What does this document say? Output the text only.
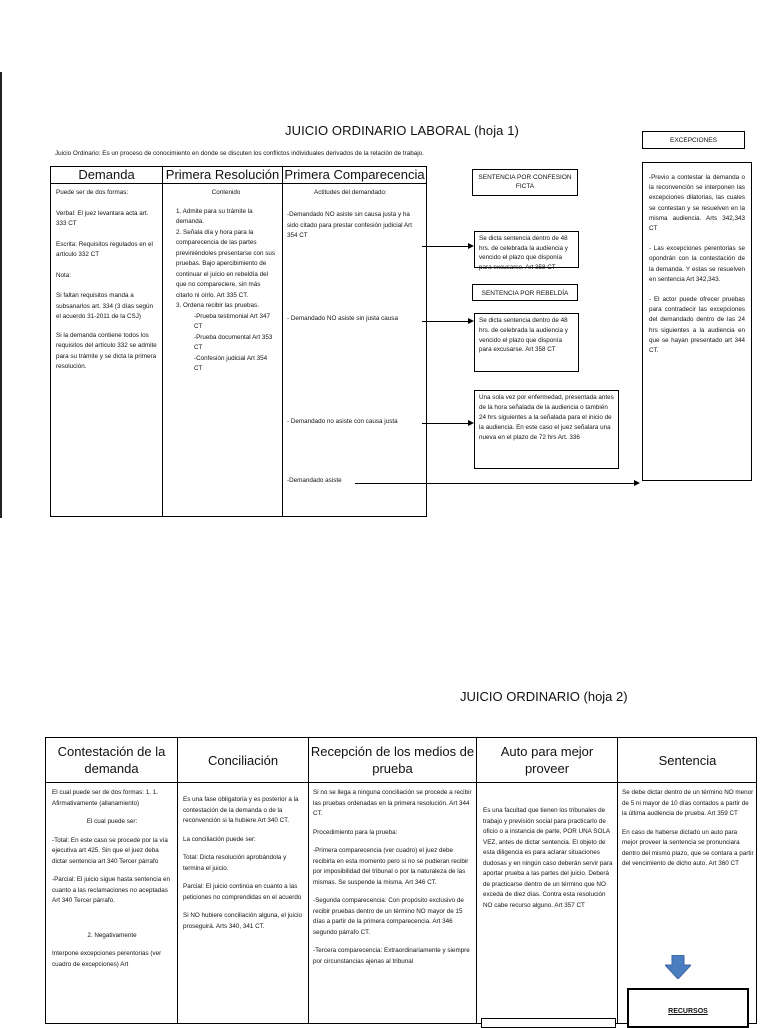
JUICIO ORDINARIO LABORAL (hoja 1)
Juicio Ordinario: Es un proceso de conocimiento en donde se discuten los conflictos individuales derivados de la relación de trabajo.
Demanda	Primera Resolución Primera Comparecencia
Puede ser de dos formas:
Verbal: El juez levantara acta art. 333 CT
Escrita: Requisitos regulados en el artículo 332 CT
Nota:
Si faltan requisitos manda a subsanarlos art. 334 (3 días según el acuerdo 31-2011 de la CSJ)
Si la demanda contiene todos los requisitos del artículo 332 se admite para su trámite y se dicta la primera resolución.
Contenido
1. Admite para su trámite la demanda.
2. Señala día y hora para la comparecencia de las partes previniéndoles presentarse con sus pruebas. Bajo apercibimiento de continuar el juicio en rebeldía del que no compareciere, sin más citarlo ni oírlo. Art 335 CT.
3. Ordena recibir las pruebas.
-Prueba testimonial Art 347 CT
-Prueba documental Art 353 CT
-Confesión judicial Art 354 CT
Actitudes del demandado:
-Demandado NO asiste sin causa justa y ha sido citado para prestar confesión judicial Art 354 CT
- Demandado NO asiste sin justa causa
- Demandado no asiste con causa justa
-Demandado asiste
SENTENCIA POR CONFESION FICTA
Se dicta sentencia dentro de 48 hrs. de celebrada la audiencia y vencido el plazo que disponía para excusarse. Art 358 CT
SENTENCIA POR REBELDÍA
Se dicta sentencia dentro de 48 hrs. de celebrada la audiencia y vencido el plazo que disponía para excusarse. Art 358 CT
Una sola vez por enfermedad, presentada antes de la hora señalada de la audiencia o también 24 hrs siguientes a la señalada para el inicio de la audiencia. En este caso el juez señalara una nueva en el plazo de 72 hrs Art. 336
EXCEPCIONES
-Previo a contestar la demanda o la reconvención se interponen las excepciones dilatorias, las cuales se contestan y se resuelven en la misma audiencia. Arts 342,343 CT
- Las excepciones perentorias se opondrán con la contestación de la demanda. Y estas se resuelven en sentencia Art 342,343.
- El actor puede ofrecer pruebas para contradecir las excepciones del demandado dentro de las 24 hrs siguientes a la audiencia en que se hayan presentado art 344 CT.
JUICIO ORDINARIO (hoja 2)
Contestación de la demanda
Conciliación
Recepción de los medios de prueba
Auto para mejor proveer
Sentencia
El cual puede ser de dos formas: 1. 1. Afirmativamente (allanamiento)
El cual puede ser:
-Total: En este caso se procede por la vía ejecutiva art 425. Sin que el juez deba dictar sentencia art 340 Tercer párrafo
-Parcial: El juicio sigue hasta sentencia en cuanto a las reclamaciones no aceptadas Art 340 Tercer párrafo.
2. Negativamente
Interpone excepciones perentorias (ver cuadro de excepciones) Art
Es una fase obligatoria y es posterior a la contestación de la demanda o de la reconvención si la hubiere Art 340 CT.
La conciliación puede ser:
Total: Dicta resolución aprobándola y termina el juicio.
Parcial: El juicio continúa en cuanto a las peticiones no comprendidas en el acuerdo
Si NO hubiere conciliación alguna, el juicio proseguirá. Arts 340, 341 CT.
Si no se llega a ninguna conciliación se procede a recibir las pruebas ordenadas en la primera resolución. Art 344 CT.
Procedimiento para la prueba:
-Primera comparecencia (ver cuadro) el juez debe recibirla en esta momento pero si no se pudieran recibir por imposibilidad del tribunal o por la naturaleza de las mismas. Se suspende la misma. Art 346 CT.
-Segunda comparecencia: Con propósito exclusivo de recibir pruebas dentro de un término NO mayor de 15 días a partir de la primera comparecencia. Art 346 segundo párrafo CT.
-Tercera comparecencia: Extraordinariamente y siempre por circunstancias ajenas al tribunal
Es una facultad que tienen los tribunales de trabajo y previsión social para practicarlo de oficio o a instancia de parte, POR UNA SOLA VEZ, antes de dictar sentencia. El objeto de esta diligencia es para aclarar situaciones dudosas y en ningún caso deberán servir para aportar prueba a las partes del juicio. Deberá de practicarse dentro de un término que NO exceda de diez días. Contra esta resolución NO cabe recurso alguno. Art 357 CT
Se debe dictar dentro de un término NO menor de 5 ni mayor de 10 días contados a partir de la última audiencia de prueba. Art 359 CT
En caso de haberse dictado un auto para mejor proveer la sentencia se pronunciara dentro del mismo plazo, que se contara a partir del vencimiento de dicho auto. Art 360 CT
RECURSOS
